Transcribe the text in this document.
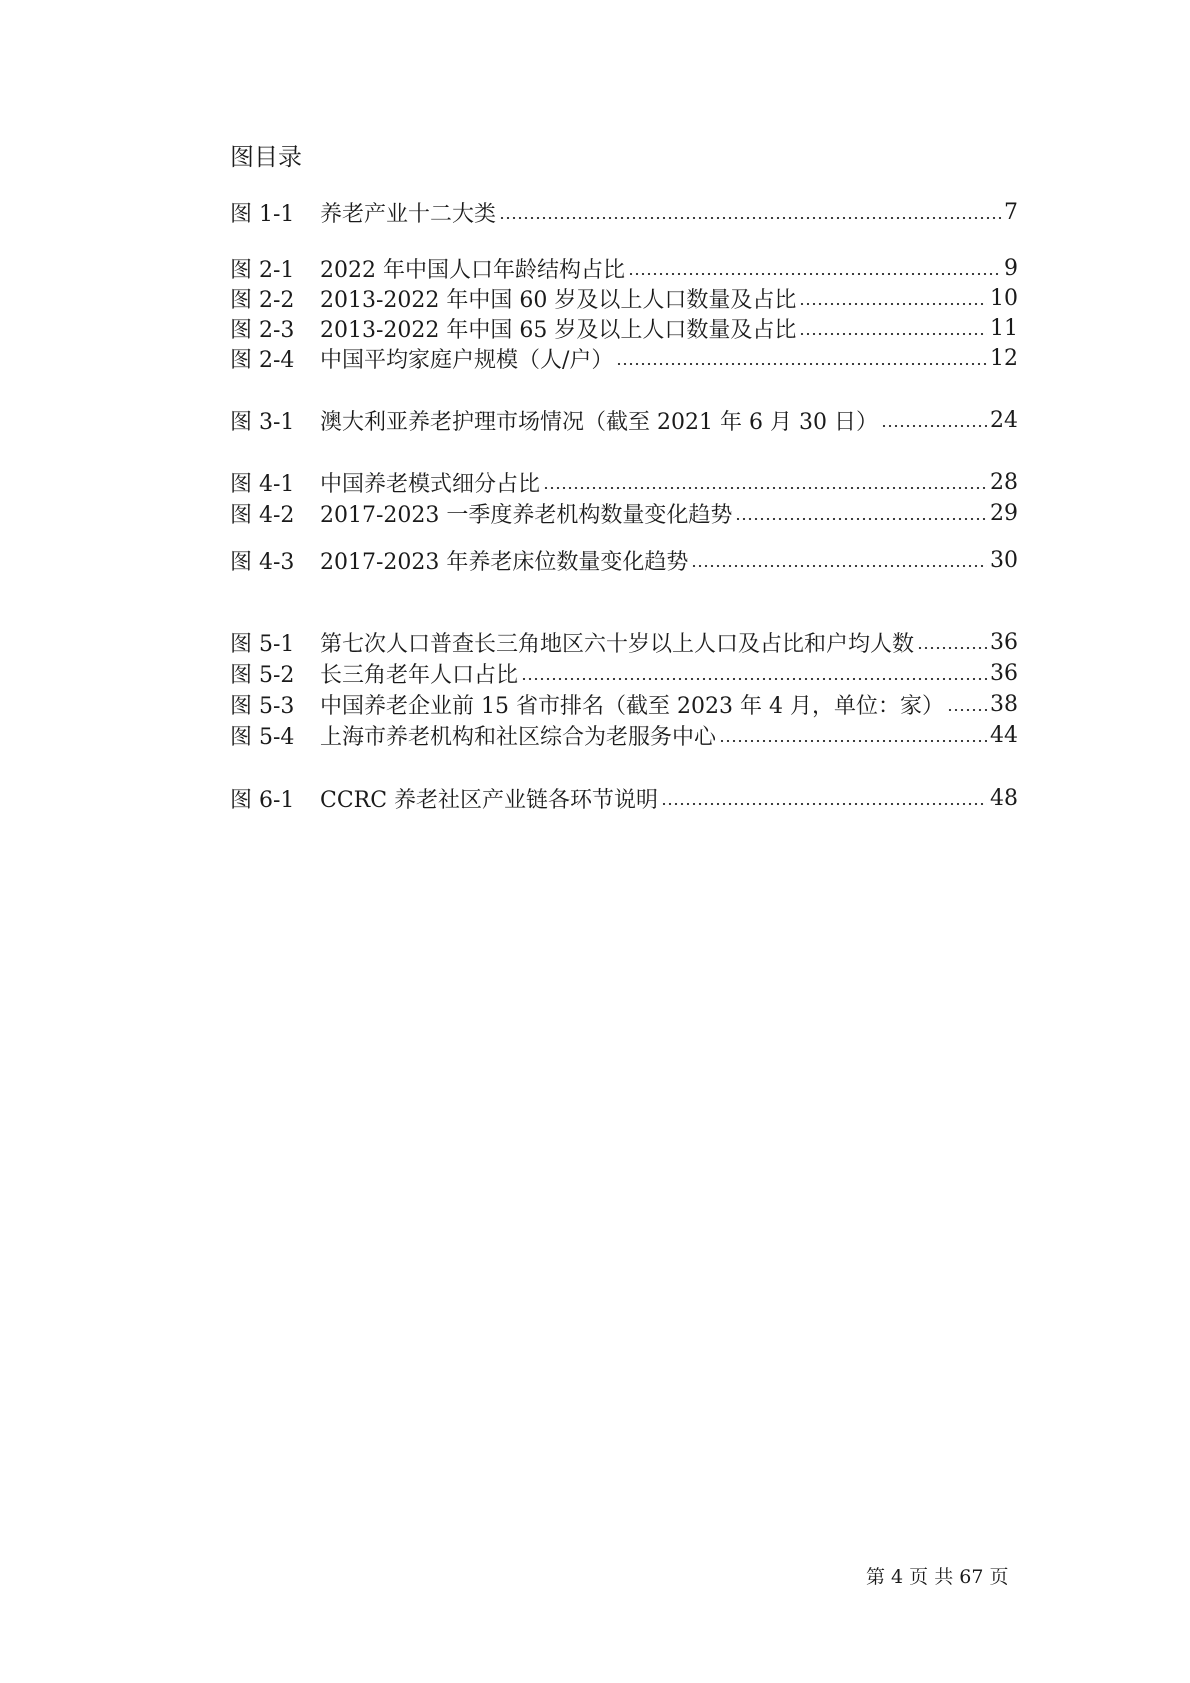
图目录
图 1-1	养老产业十二大类	7
图 2-1	2022 年中国人口年龄结构占比	9
图 2-2	2013-2022 年中国 60 岁及以上人口数量及占比	10
图 2-3	2013-2022 年中国 65 岁及以上人口数量及占比	11
图 2-4	中国平均家庭户规模（人/户）	12
图 3-1	澳大利亚养老护理市场情况（截至 2021 年 6 月 30 日）	24
图 4-1	中国养老模式细分占比	28
图 4-2	2017-2023 一季度养老机构数量变化趋势	29
图 4-3	2017-2023 年养老床位数量变化趋势	30
图 5-1	第七次人口普查长三角地区六十岁以上人口及占比和户均人数	36
图 5-2	长三角老年人口占比	36
图 5-3	中国养老企业前 15 省市排名（截至 2023 年 4 月，单位：家） 38
图 5-4	上海市养老机构和社区综合为老服务中心	44
图 6-1	CCRC 养老社区产业链各环节说明	48
第 4 页 共 67 页
